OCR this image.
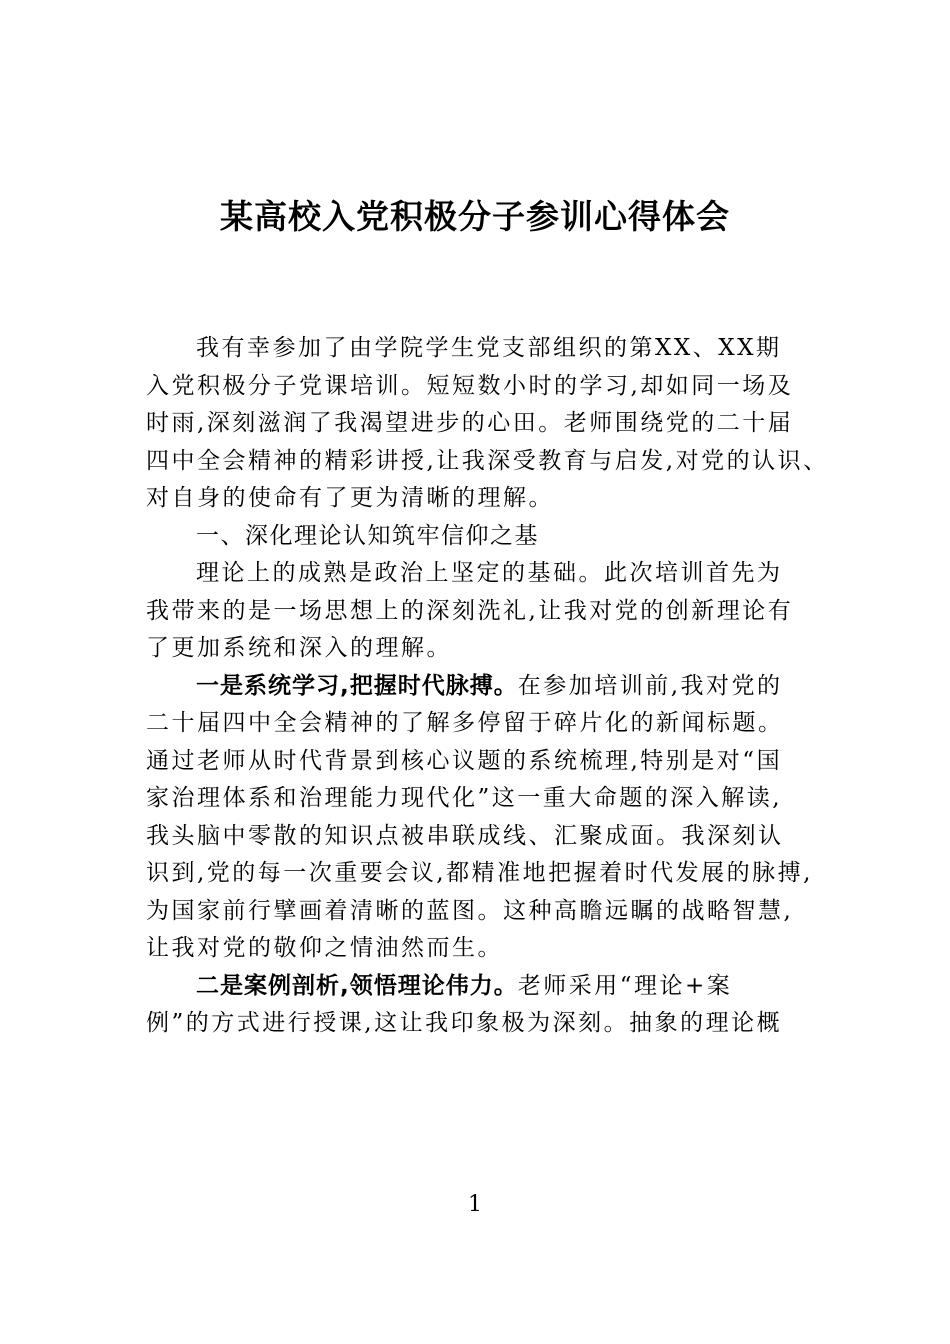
某高校入党积极分子参训心得体会

我有幸参加了由学院学生党支部组织的第XX、XX期
入党积极分子党课培训。短短数小时的学习,却如同一场及
时雨,深刻滋润了我渴望进步的心田。老师围绕党的二十届
四中全会精神的精彩讲授,让我深受教育与启发,对党的认识、
对自身的使命有了更为清晰的理解。

一、深化理论认知筑牢信仰之基

理论上的成熟是政治上坚定的基础。此次培训首先为
我带来的是一场思想上的深刻洗礼,让我对党的创新理论有
了更加系统和深入的理解。

一是系统学习,把握时代脉搏。在参加培训前,我对党的
二十届四中全会精神的了解多停留于碎片化的新闻标题。
通过老师从时代背景到核心议题的系统梳理,特别是对“国
家治理体系和治理能力现代化”这一重大命题的深入解读,
我头脑中零散的知识点被串联成线、汇聚成面。我深刻认
识到,党的每一次重要会议,都精准地把握着时代发展的脉搏,
为国家前行擘画着清晰的蓝图。这种高瞻远瞩的战略智慧,
让我对党的敬仰之情油然而生。

二是案例剖析,领悟理论伟力。老师采用“理论+案
例”的方式进行授课,这让我印象极为深刻。抽象的理论概

1
